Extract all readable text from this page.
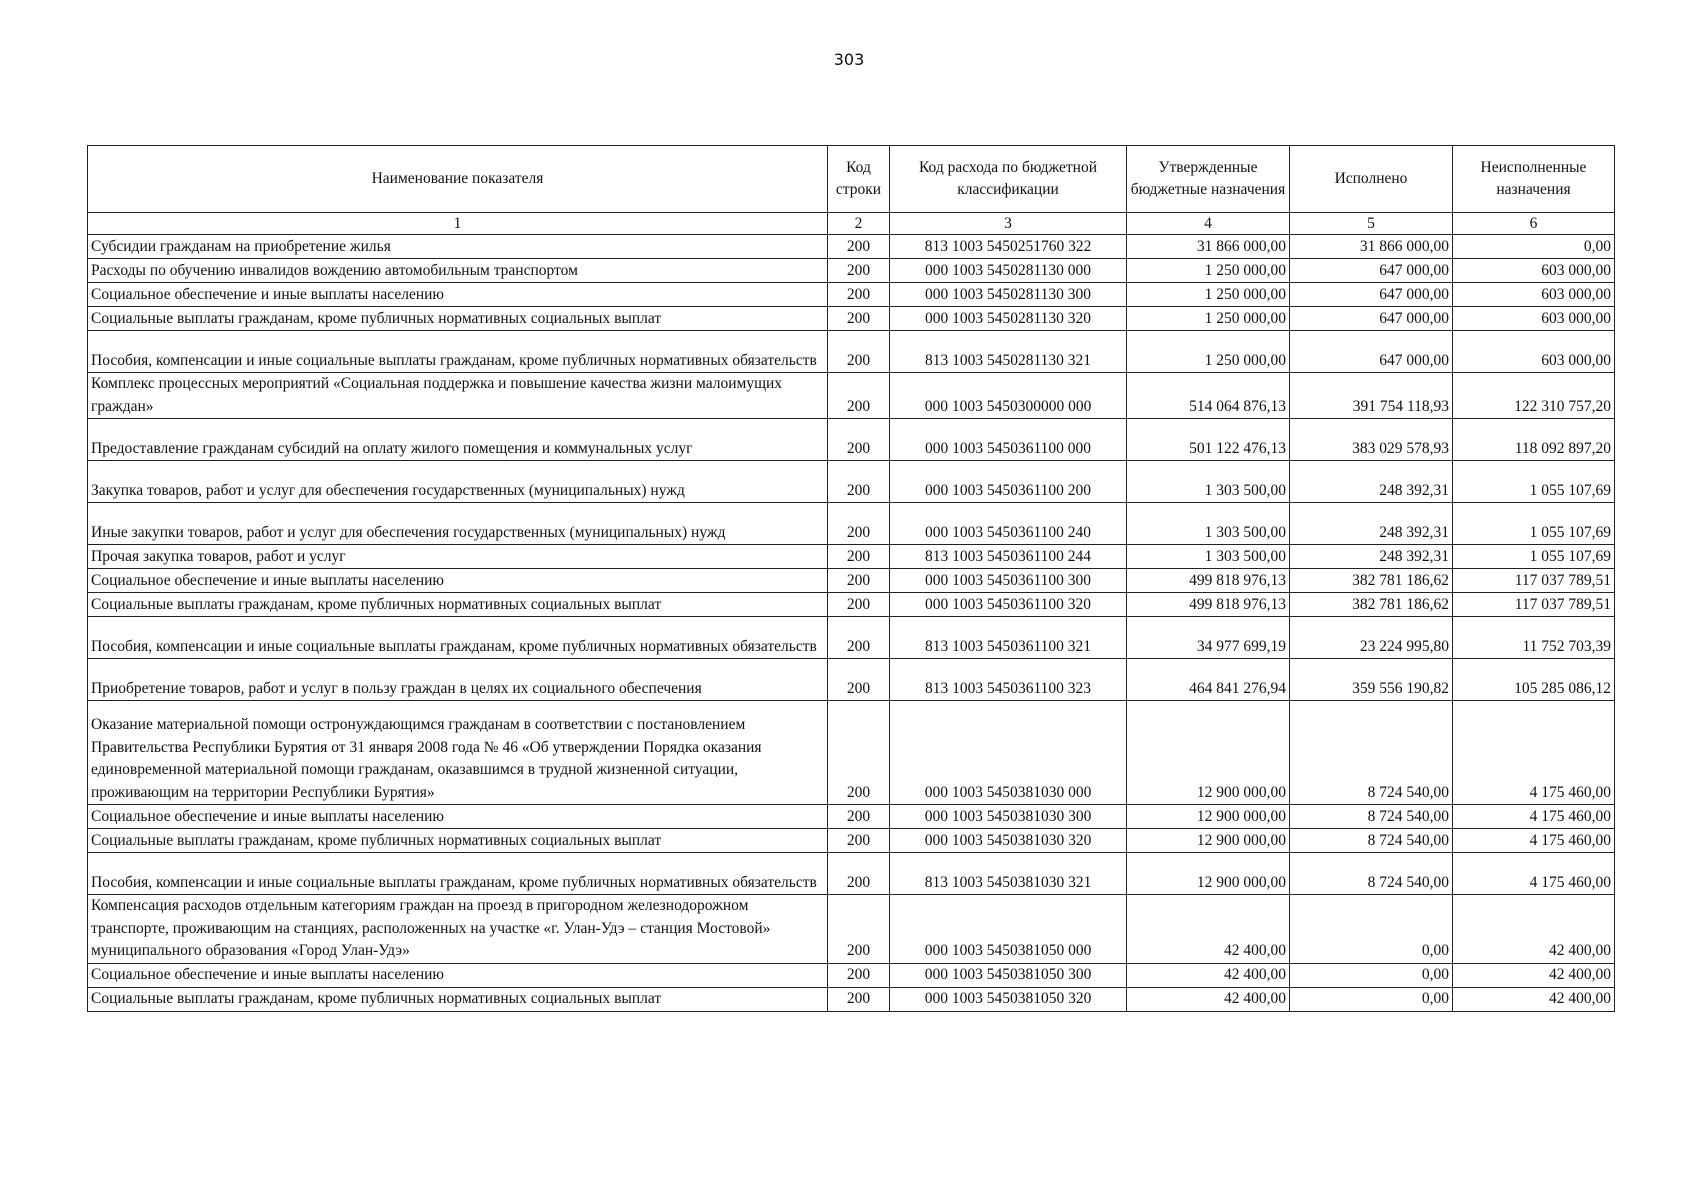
303
Наименование показателя	Код строки	Код расхода по бюджетной классификации	Утвержденные бюджетные назначения	Исполнено	Неисполненные назначения
1	2	3	4	5	6
Субсидии гражданам на приобретение жилья	200	813 1003 5450251760 322	31 866 000,00	31 866 000,00	0,00
Расходы по обучению инвалидов вождению автомобильным транспортом	200	000 1003 5450281130 000	1 250 000,00	647 000,00	603 000,00
Социальное обеспечение и иные выплаты населению	200	000 1003 5450281130 300	1 250 000,00	647 000,00	603 000,00
Социальные выплаты гражданам, кроме публичных нормативных социальных выплат	200	000 1003 5450281130 320	1 250 000,00	647 000,00	603 000,00
Пособия, компенсации и иные социальные выплаты гражданам, кроме публичных нормативных обязательств	200	813 1003 5450281130 321	1 250 000,00	647 000,00	603 000,00
Комплекс процессных мероприятий «Социальная поддержка и повышение качества жизни малоимущих граждан»	200	000 1003 5450300000 000	514 064 876,13	391 754 118,93	122 310 757,20
Предоставление гражданам субсидий на оплату жилого помещения и коммунальных услуг	200	000 1003 5450361100 000	501 122 476,13	383 029 578,93	118 092 897,20
Закупка товаров, работ и услуг для обеспечения государственных (муниципальных) нужд	200	000 1003 5450361100 200	1 303 500,00	248 392,31	1 055 107,69
Иные закупки товаров, работ и услуг для обеспечения государственных (муниципальных) нужд	200	000 1003 5450361100 240	1 303 500,00	248 392,31	1 055 107,69
Прочая закупка товаров, работ и услуг	200	813 1003 5450361100 244	1 303 500,00	248 392,31	1 055 107,69
Социальное обеспечение и иные выплаты населению	200	000 1003 5450361100 300	499 818 976,13	382 781 186,62	117 037 789,51
Социальные выплаты гражданам, кроме публичных нормативных социальных выплат	200	000 1003 5450361100 320	499 818 976,13	382 781 186,62	117 037 789,51
Пособия, компенсации и иные социальные выплаты гражданам, кроме публичных нормативных обязательств	200	813 1003 5450361100 321	34 977 699,19	23 224 995,80	11 752 703,39
Приобретение товаров, работ и услуг в пользу граждан в целях их социального обеспечения	200	813 1003 5450361100 323	464 841 276,94	359 556 190,82	105 285 086,12
Оказание материальной помощи остронуждающимся гражданам в соответствии с постановлением Правительства Республики Бурятия от 31 января 2008 года № 46 «Об утверждении Порядка оказания единовременной материальной помощи гражданам, оказавшимся в трудной жизненной ситуации, проживающим на территории Республики Бурятия»	200	000 1003 5450381030 000	12 900 000,00	8 724 540,00	4 175 460,00
Социальное обеспечение и иные выплаты населению	200	000 1003 5450381030 300	12 900 000,00	8 724 540,00	4 175 460,00
Социальные выплаты гражданам, кроме публичных нормативных социальных выплат	200	000 1003 5450381030 320	12 900 000,00	8 724 540,00	4 175 460,00
Пособия, компенсации и иные социальные выплаты гражданам, кроме публичных нормативных обязательств	200	813 1003 5450381030 321	12 900 000,00	8 724 540,00	4 175 460,00
Компенсация расходов отдельным категориям граждан на проезд в пригородном железнодорожном транспорте, проживающим на станциях, расположенных на участке «г. Улан-Удэ – станция Мостовой» муниципального образования «Город Улан-Удэ»	200	000 1003 5450381050 000	42 400,00	0,00	42 400,00
Социальное обеспечение и иные выплаты населению	200	000 1003 5450381050 300	42 400,00	0,00	42 400,00
Социальные выплаты гражданам, кроме публичных нормативных социальных выплат	200	000 1003 5450381050 320	42 400,00	0,00	42 400,00
